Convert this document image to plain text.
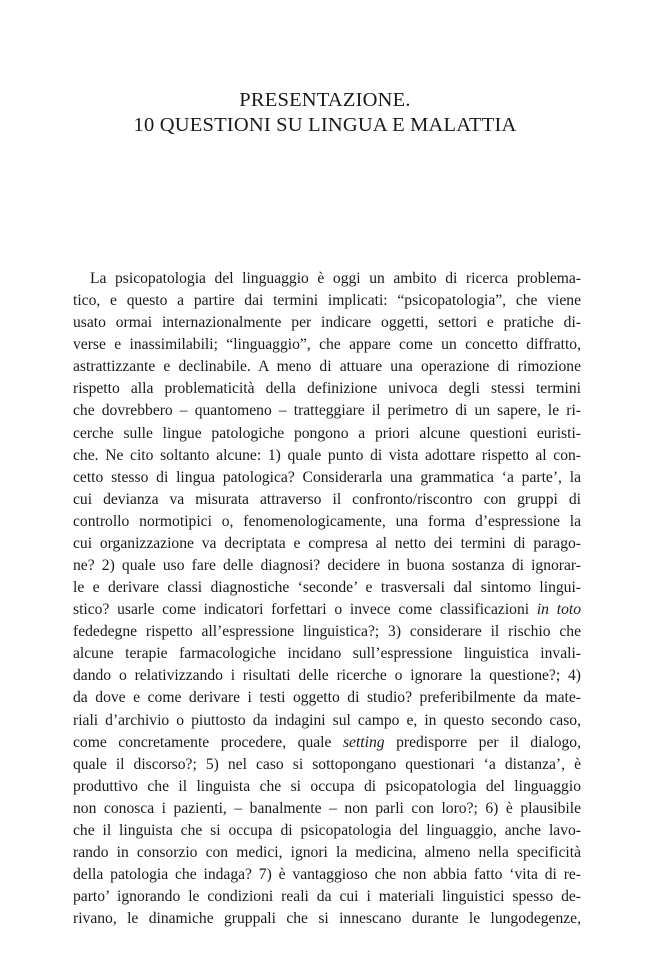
PRESENTAZIONE.
10 QUESTIONI SU LINGUA E MALATTIA
La psicopatologia del linguaggio è oggi un ambito di ricerca problema-
tico, e questo a partire dai termini implicati: “psicopatologia”, che viene
usato ormai internazionalmente per indicare oggetti, settori e pratiche di-
verse e inassimilabili; “linguaggio”, che appare come un concetto diffratto,
astrattizzante e declinabile. A meno di attuare una operazione di rimozione
rispetto alla problematicità della definizione univoca degli stessi termini
che dovrebbero – quantomeno – tratteggiare il perimetro di un sapere, le ri-
cerche sulle lingue patologiche pongono a priori alcune questioni euristi-
che. Ne cito soltanto alcune: 1) quale punto di vista adottare rispetto al con-
cetto stesso di lingua patologica? Considerarla una grammatica ‘a parte’, la
cui devianza va misurata attraverso il confronto/riscontro con gruppi di
controllo normotipici o, fenomenologicamente, una forma d’espressione la
cui organizzazione va decriptata e compresa al netto dei termini di parago-
ne? 2) quale uso fare delle diagnosi? decidere in buona sostanza di ignorar-
le e derivare classi diagnostiche ‘seconde’ e trasversali dal sintomo lingui-
stico? usarle come indicatori forfettari o invece come classificazioni in toto
fededegne rispetto all’espressione linguistica?; 3) considerare il rischio che
alcune terapie farmacologiche incidano sull’espressione linguistica invali-
dando o relativizzando i risultati delle ricerche o ignorare la questione?; 4)
da dove e come derivare i testi oggetto di studio? preferibilmente da mate-
riali d’archivio o piuttosto da indagini sul campo e, in questo secondo caso,
come concretamente procedere, quale setting predisporre per il dialogo,
quale il discorso?; 5) nel caso si sottopongano questionari ‘a distanza’, è
produttivo che il linguista che si occupa di psicopatologia del linguaggio
non conosca i pazienti, – banalmente – non parli con loro?; 6) è plausibile
che il linguista che si occupa di psicopatologia del linguaggio, anche lavo-
rando in consorzio con medici, ignori la medicina, almeno nella specificità
della patologia che indaga? 7) è vantaggioso che non abbia fatto ‘vita di re-
parto’ ignorando le condizioni reali da cui i materiali linguistici spesso de-
rivano, le dinamiche gruppali che si innescano durante le lungodegenze,
